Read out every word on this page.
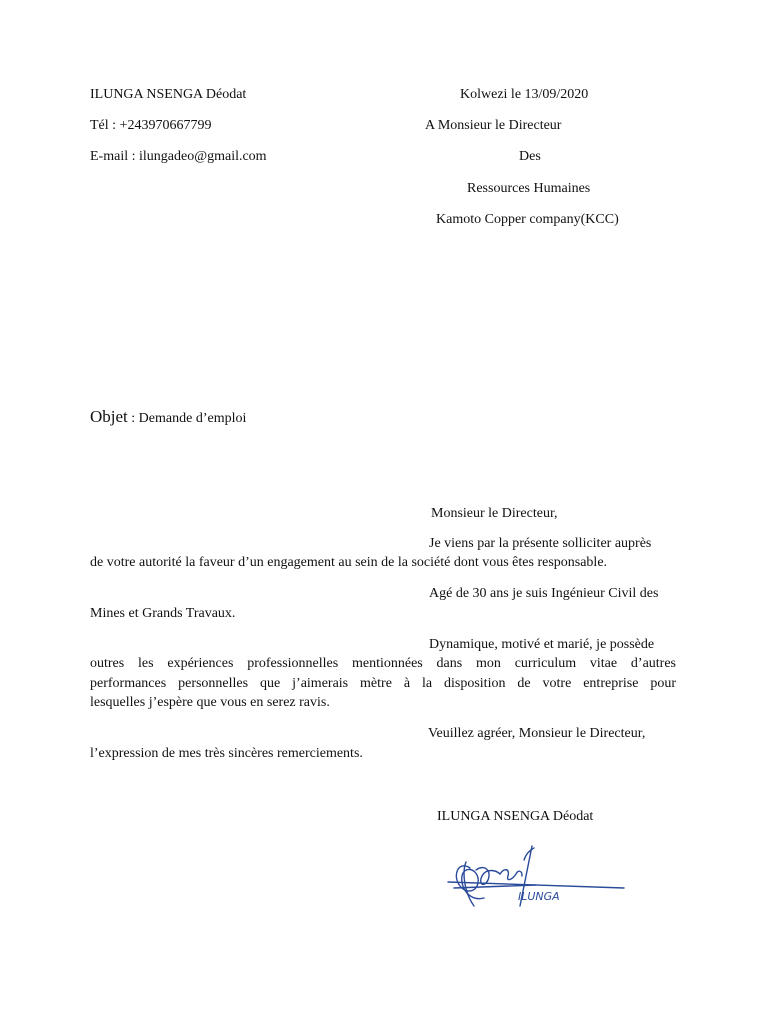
ILUNGA NSENGA Déodat
Tél : +243970667799
E-mail : ilungadeo@gmail.com
Kolwezi le 13/09/2020
A Monsieur le Directeur
Des
Ressources Humaines
Kamoto Copper company(KCC)
Objet : Demande d’emploi
Monsieur le Directeur,
Je viens par la présente solliciter auprès
de votre autorité la faveur d’un engagement au sein de la société dont vous êtes responsable.
Agé de 30 ans je suis Ingénieur Civil des
Mines et Grands Travaux.
Dynamique, motivé et marié, je possède
outres les expériences professionnelles mentionnées dans mon curriculum vitae d’autres
performances personnelles que j’aimerais mètre à la disposition de votre entreprise pour
lesquelles j’espère que vous en serez ravis.
Veuillez agréer, Monsieur le Directeur,
l’expression de mes très sincères remerciements.
ILUNGA NSENGA Déodat
ILUNGA
